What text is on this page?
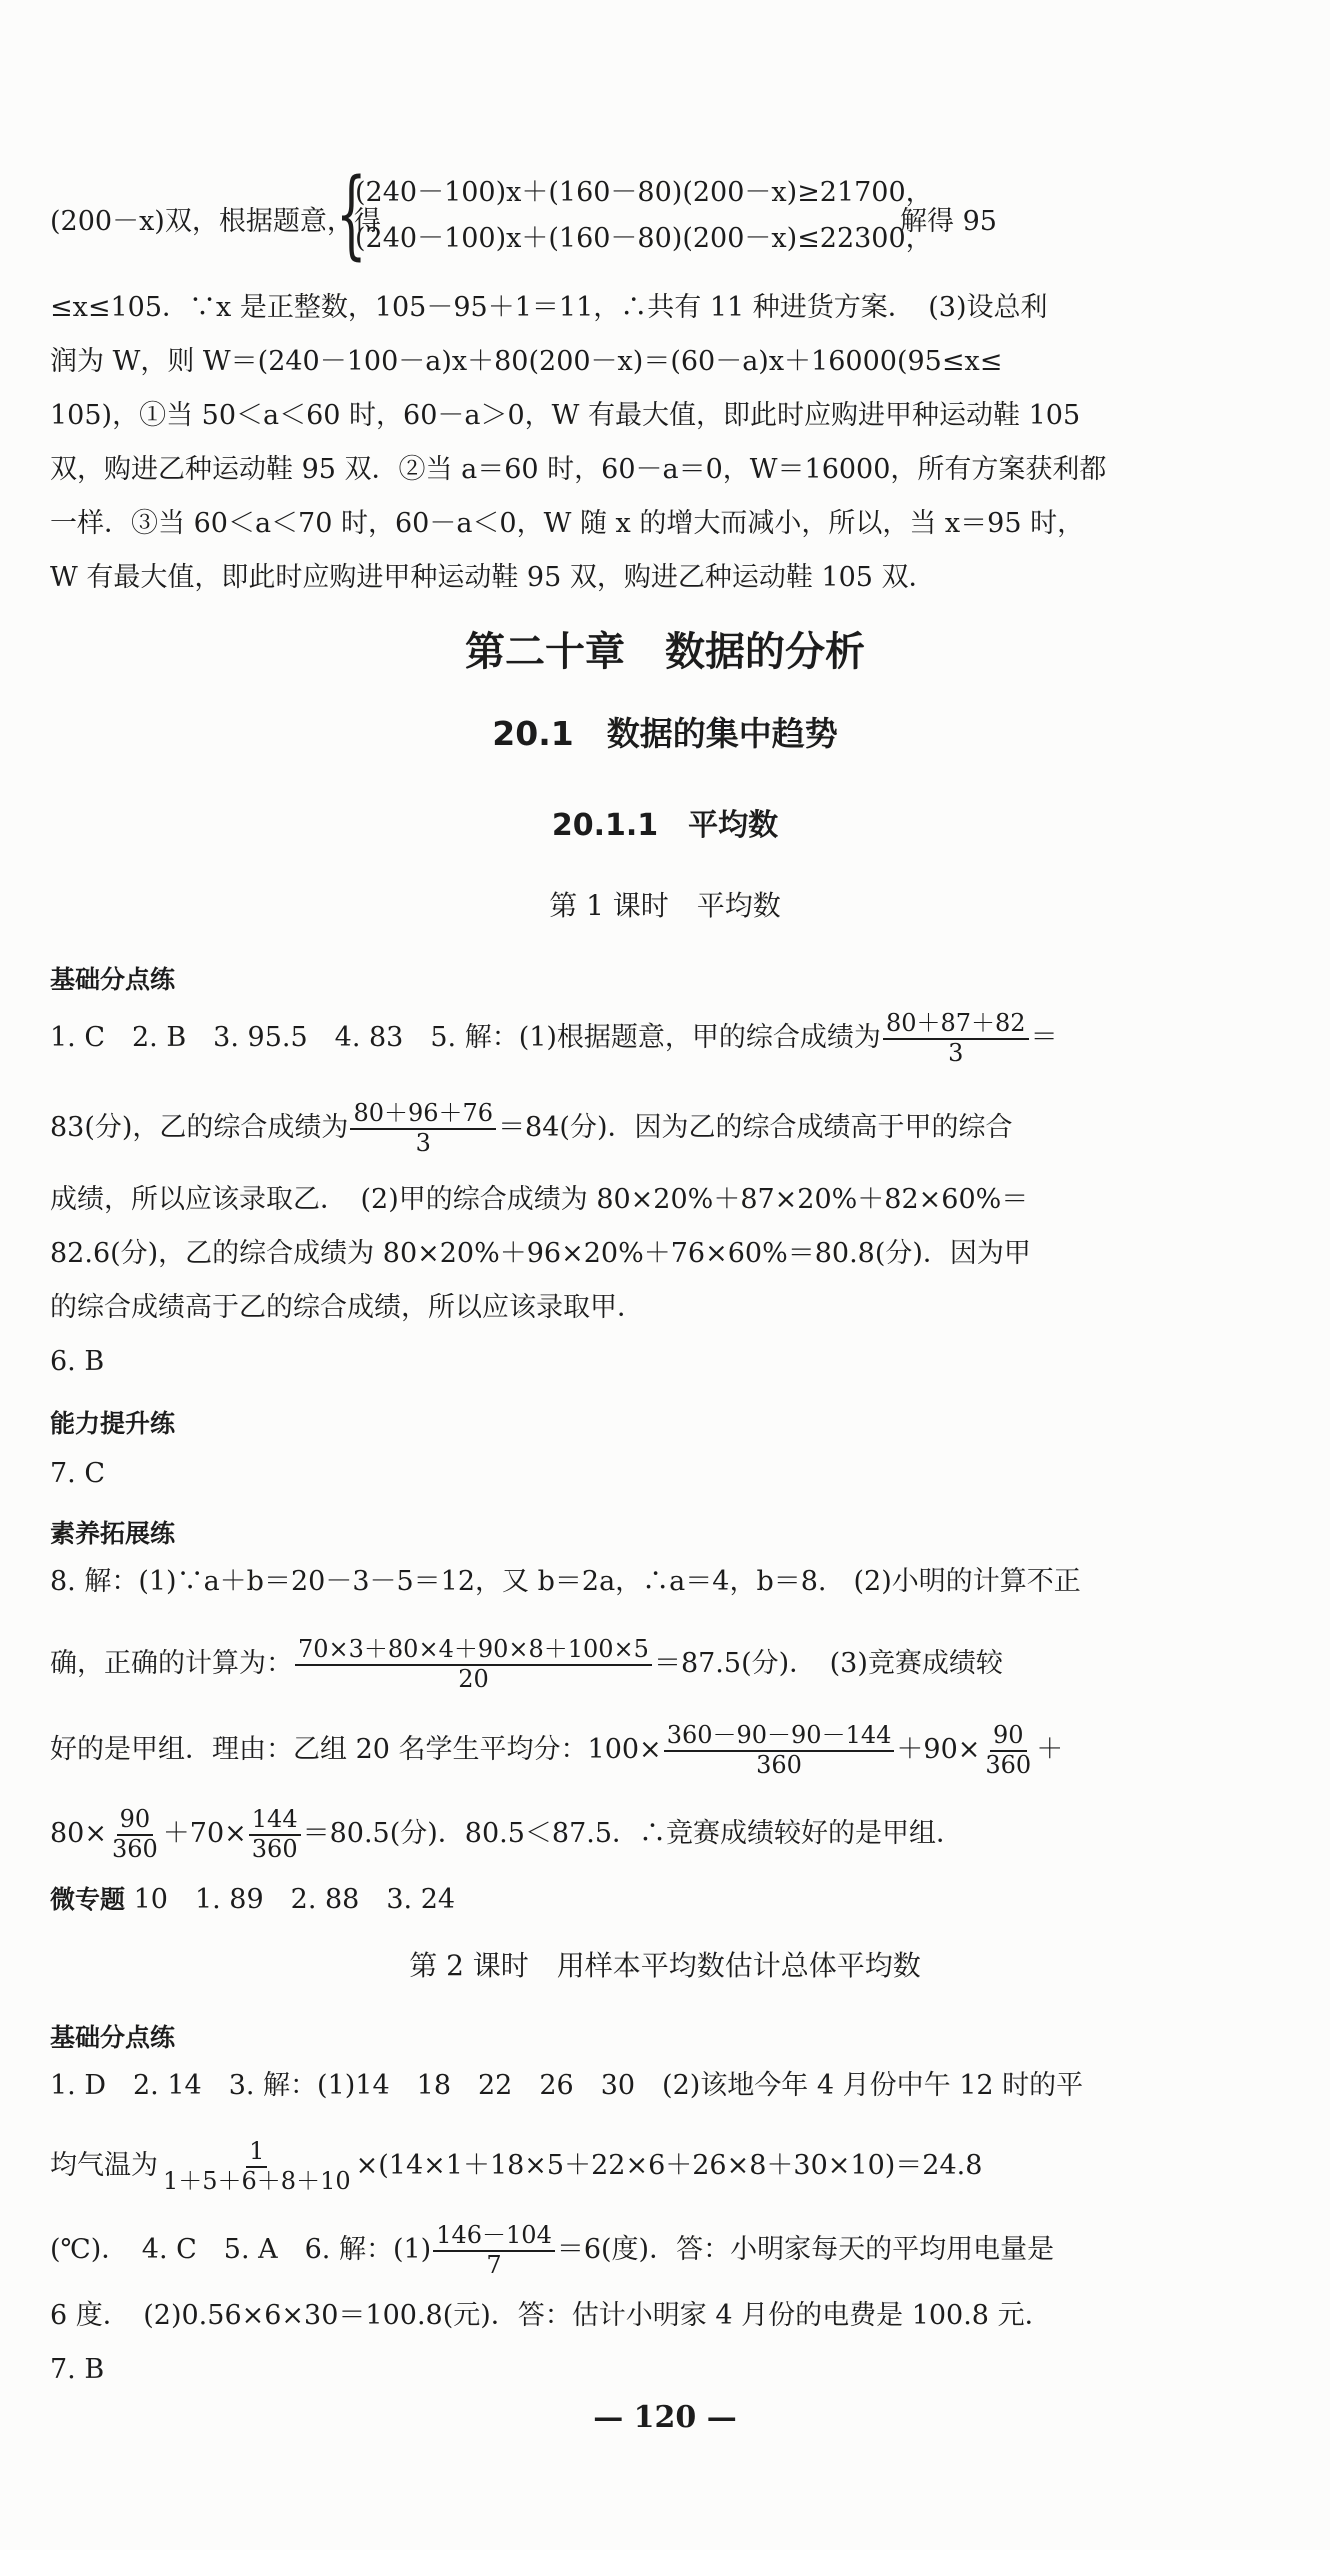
(200－x)双，根据题意，得
{
(240－100)x＋(160－80)(200－x)≥21700，
(240－100)x＋(160－80)(200－x)≤22300，
解得 95
≤x≤105．∵x 是正整数，105－95＋1＝11，∴共有 11 种进货方案．　(3)设总利
润为 W，则 W＝(240－100－a)x＋80(200－x)＝(60－a)x＋16000(95≤x≤
105)，①当 50＜a＜60 时，60－a＞0，W 有最大值，即此时应购进甲种运动鞋 105
双，购进乙种运动鞋 95 双．②当 a＝60 时，60－a＝0，W＝16000，所有方案获利都
一样．③当 60＜a＜70 时，60－a＜0，W 随 x 的增大而减小，所以，当 x＝95 时，
W 有最大值，即此时应购进甲种运动鞋 95 双，购进乙种运动鞋 105 双．
第二十章　数据的分析
20.1　数据的集中趋势
20.1.1　平均数
第 1 课时　平均数
基础分点练
1. C　2. B　3. 95.5　4. 83　5. 解：(1)根据题意，甲的综合成绩为 $\frac{80+87+82}{3}$ ＝
83(分)，乙的综合成绩为 $\frac{80+96+76}{3} =84$(分)．因为乙的综合成绩高于甲的综合
成绩，所以应该录取乙．　(2)甲的综合成绩为 80×20%＋87×20%＋82×60%＝
82.6(分)，乙的综合成绩为 80×20%＋96×20%＋76×60%＝80.8(分)．因为甲
的综合成绩高于乙的综合成绩，所以应该录取甲．
6. B
能力提升练
7. C
素养拓展练
8. 解：(1)∵a＋b＝20－3－5＝12，又 b＝2a，∴a＝4，b＝8.　(2)小明的计算不正
确，正确的计算为： $\frac{70\times 3+80\times 4+90\times 8+100\times 5}{20} =87.5$(分)．　(3)竞赛成绩较
好的是甲组．理由：乙组 20 名学生平均分：$100\times \frac{360-90-90-144}{360} +90\times \frac{90}{360}$ ＋
$80\times \frac{90}{360} +70\times \frac{144}{360} =80.5$(分)．80.5＜87.5．∴竞赛成绩较好的是甲组．
微专题 10　1. 89　2. 88　3. 24
第 2 课时　用样本平均数估计总体平均数
基础分点练
1. D　2. 14　3. 解：(1)14　18　22　26　30　(2)该地今年 4 月份中午 12 时的平
均气温为 $\frac{1}{1+5+6+8+10} \times(14\times 1+18\times 5+22\times 6+26\times 8+30\times 10)=24.8$
(℃)．　4. C　5. A　6. 解：$(1) \frac{146-104}{7} =6$(度)．答：小明家每天的平均用电量是
6 度．　(2)0.56×6×30＝100.8(元)．答：估计小明家 4 月份的电费是 100.8 元．
7. B
— 120 —
